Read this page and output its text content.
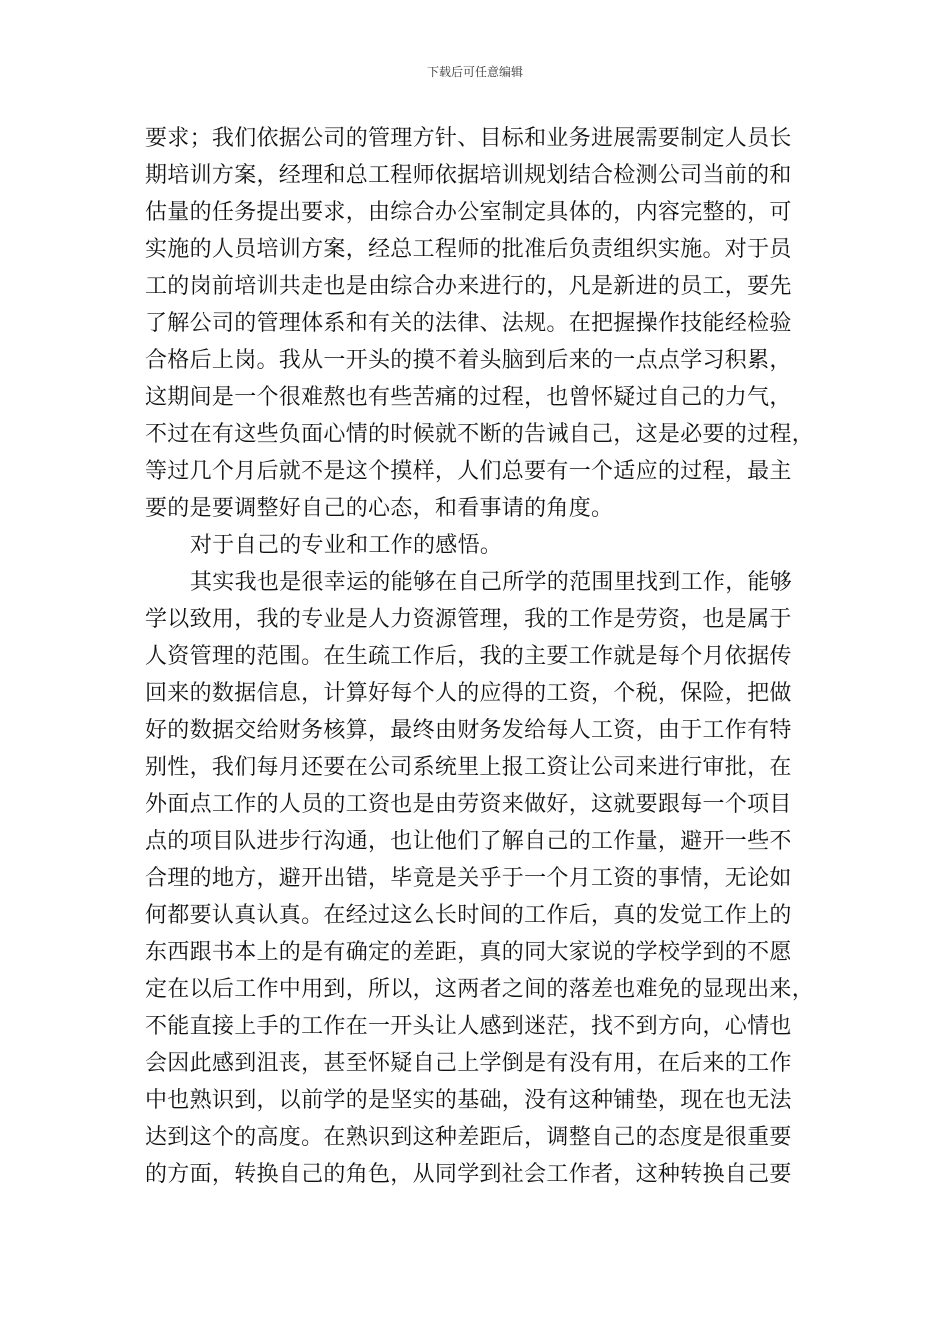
下载后可任意编辑
要求；我们依据公司的管理方针、目标和业务进展需要制定人员长
期培训方案，经理和总工程师依据培训规划结合检测公司当前的和
估量的任务提出要求，由综合办公室制定具体的，内容完整的，可
实施的人员培训方案，经总工程师的批准后负责组织实施。对于员
工的岗前培训共走也是由综合办来进行的，凡是新进的员工，要先
了解公司的管理体系和有关的法律、法规。在把握操作技能经检验
合格后上岗。我从一开头的摸不着头脑到后来的一点点学习积累，
这期间是一个很难熬也有些苦痛的过程，也曾怀疑过自己的力气，
不过在有这些负面心情的时候就不断的告诫自己，这是必要的过程，
等过几个月后就不是这个摸样，人们总要有一个适应的过程，最主
要的是要调整好自己的心态，和看事请的角度。
对于自己的专业和工作的感悟。
其实我也是很幸运的能够在自己所学的范围里找到工作，能够
学以致用，我的专业是人力资源管理，我的工作是劳资，也是属于
人资管理的范围。在生疏工作后，我的主要工作就是每个月依据传
回来的数据信息，计算好每个人的应得的工资，个税，保险，把做
好的数据交给财务核算，最终由财务发给每人工资，由于工作有特
别性，我们每月还要在公司系统里上报工资让公司来进行审批，在
外面点工作的人员的工资也是由劳资来做好，这就要跟每一个项目
点的项目队进步行沟通，也让他们了解自己的工作量，避开一些不
合理的地方，避开出错，毕竟是关乎于一个月工资的事情，无论如
何都要认真认真。在经过这么长时间的工作后，真的发觉工作上的
东西跟书本上的是有确定的差距，真的同大家说的学校学到的不愿
定在以后工作中用到，所以，这两者之间的落差也难免的显现出来，
不能直接上手的工作在一开头让人感到迷茫，找不到方向，心情也
会因此感到沮丧，甚至怀疑自己上学倒是有没有用，在后来的工作
中也熟识到，以前学的是坚实的基础，没有这种铺垫，现在也无法
达到这个的高度。在熟识到这种差距后，调整自己的态度是很重要
的方面，转换自己的角色，从同学到社会工作者，这种转换自己要
